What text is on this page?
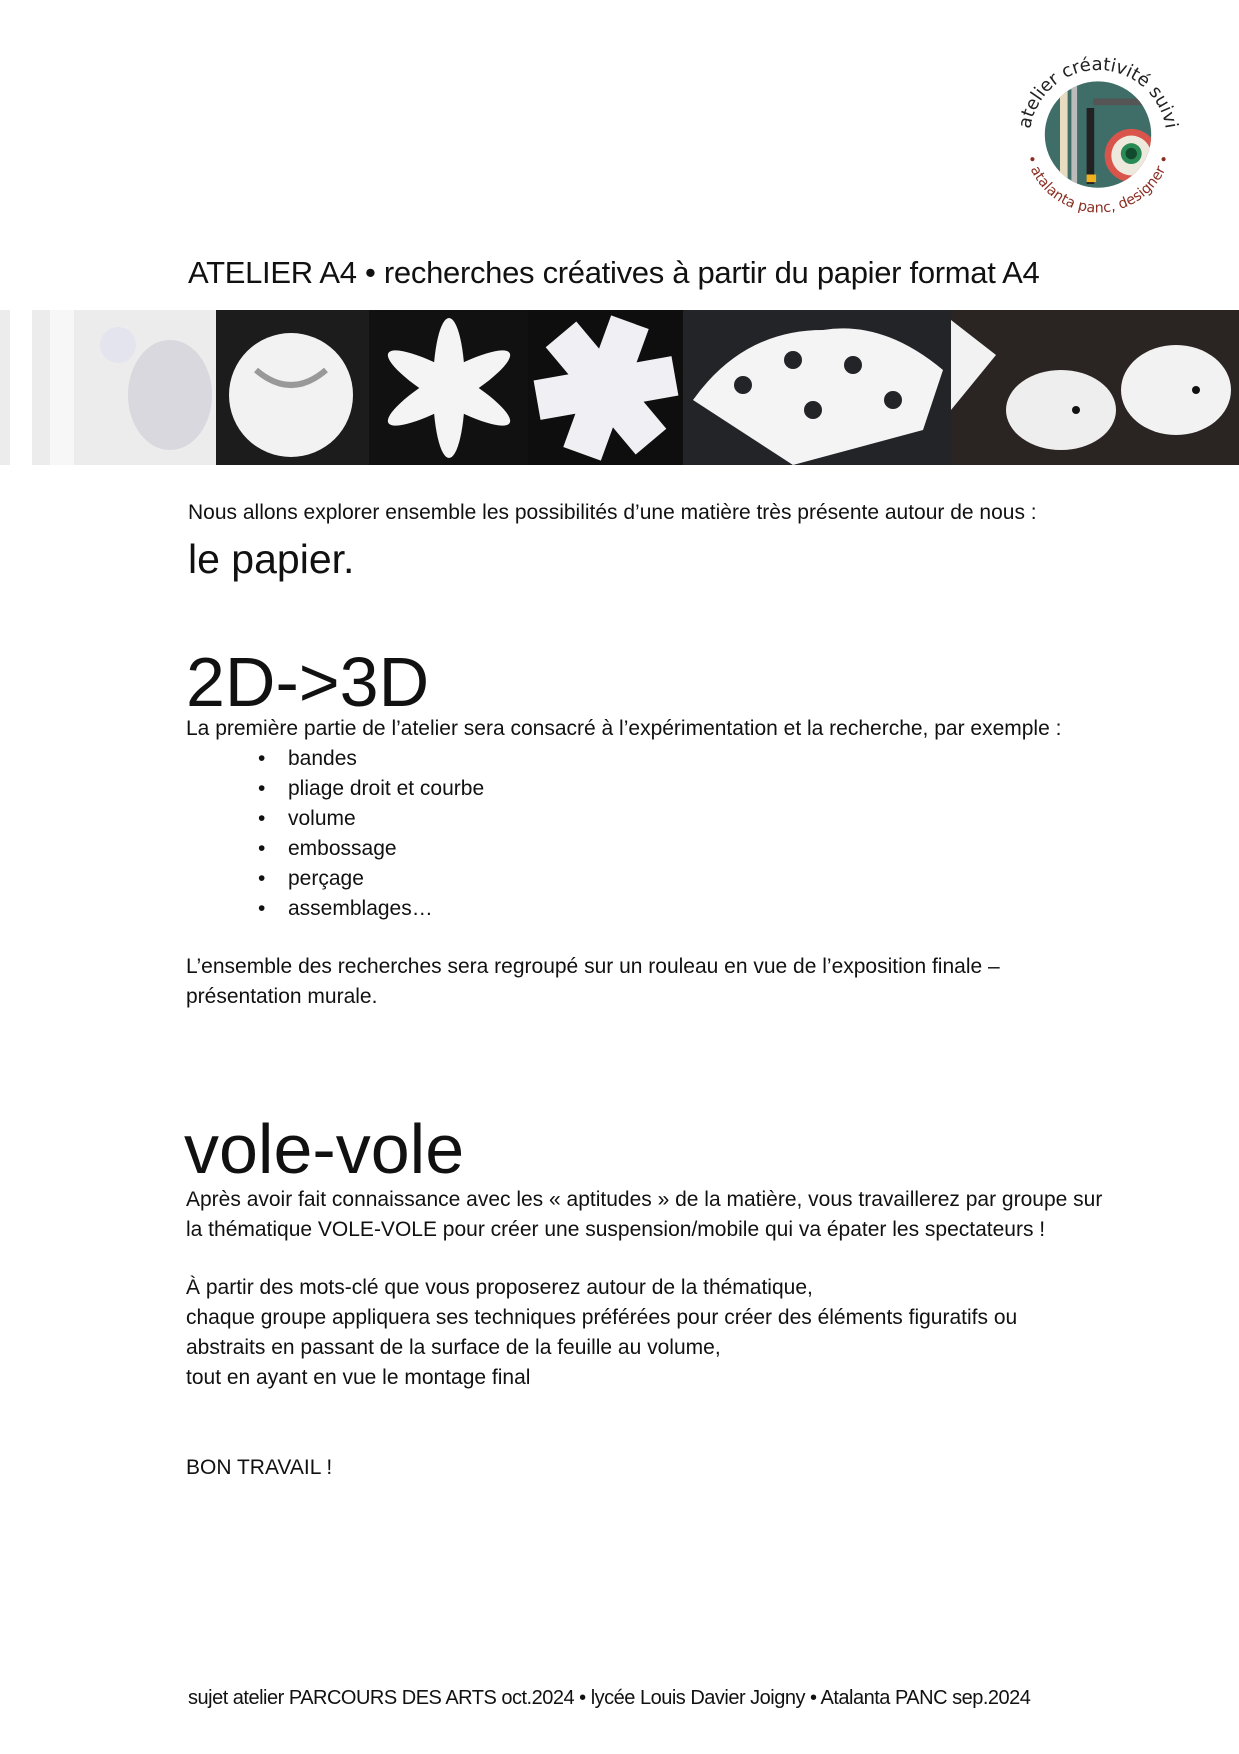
atelier créativité suivi
• atalanta panc, designer •
ATELIER A4 • recherches créatives à partir du papier format A4
Nous allons explorer ensemble les possibilités d’une matière très présente autour de nous :
le papier.
2D->3D
La première partie de l’atelier sera consacré à l’expérimentation et la recherche, par exemple :
• bandes
• pliage droit et courbe
• volume
• embossage
• perçage
• assemblages…
L’ensemble des recherches sera regroupé sur un rouleau en vue de l’exposition finale –
présentation murale.
vole-vole
Après avoir fait connaissance avec les « aptitudes » de la matière, vous travaillerez par groupe sur
la thématique VOLE-VOLE pour créer une suspension/mobile qui va épater les spectateurs !
À partir des mots-clé que vous proposerez autour de la thématique,
chaque groupe appliquera ses techniques préférées pour créer des éléments figuratifs ou
abstraits en passant de la surface de la feuille au volume,
tout en ayant en vue le montage final
BON TRAVAIL !
sujet atelier PARCOURS DES ARTS oct.2024 • lycée Louis Davier Joigny • Atalanta PANC sep.2024
